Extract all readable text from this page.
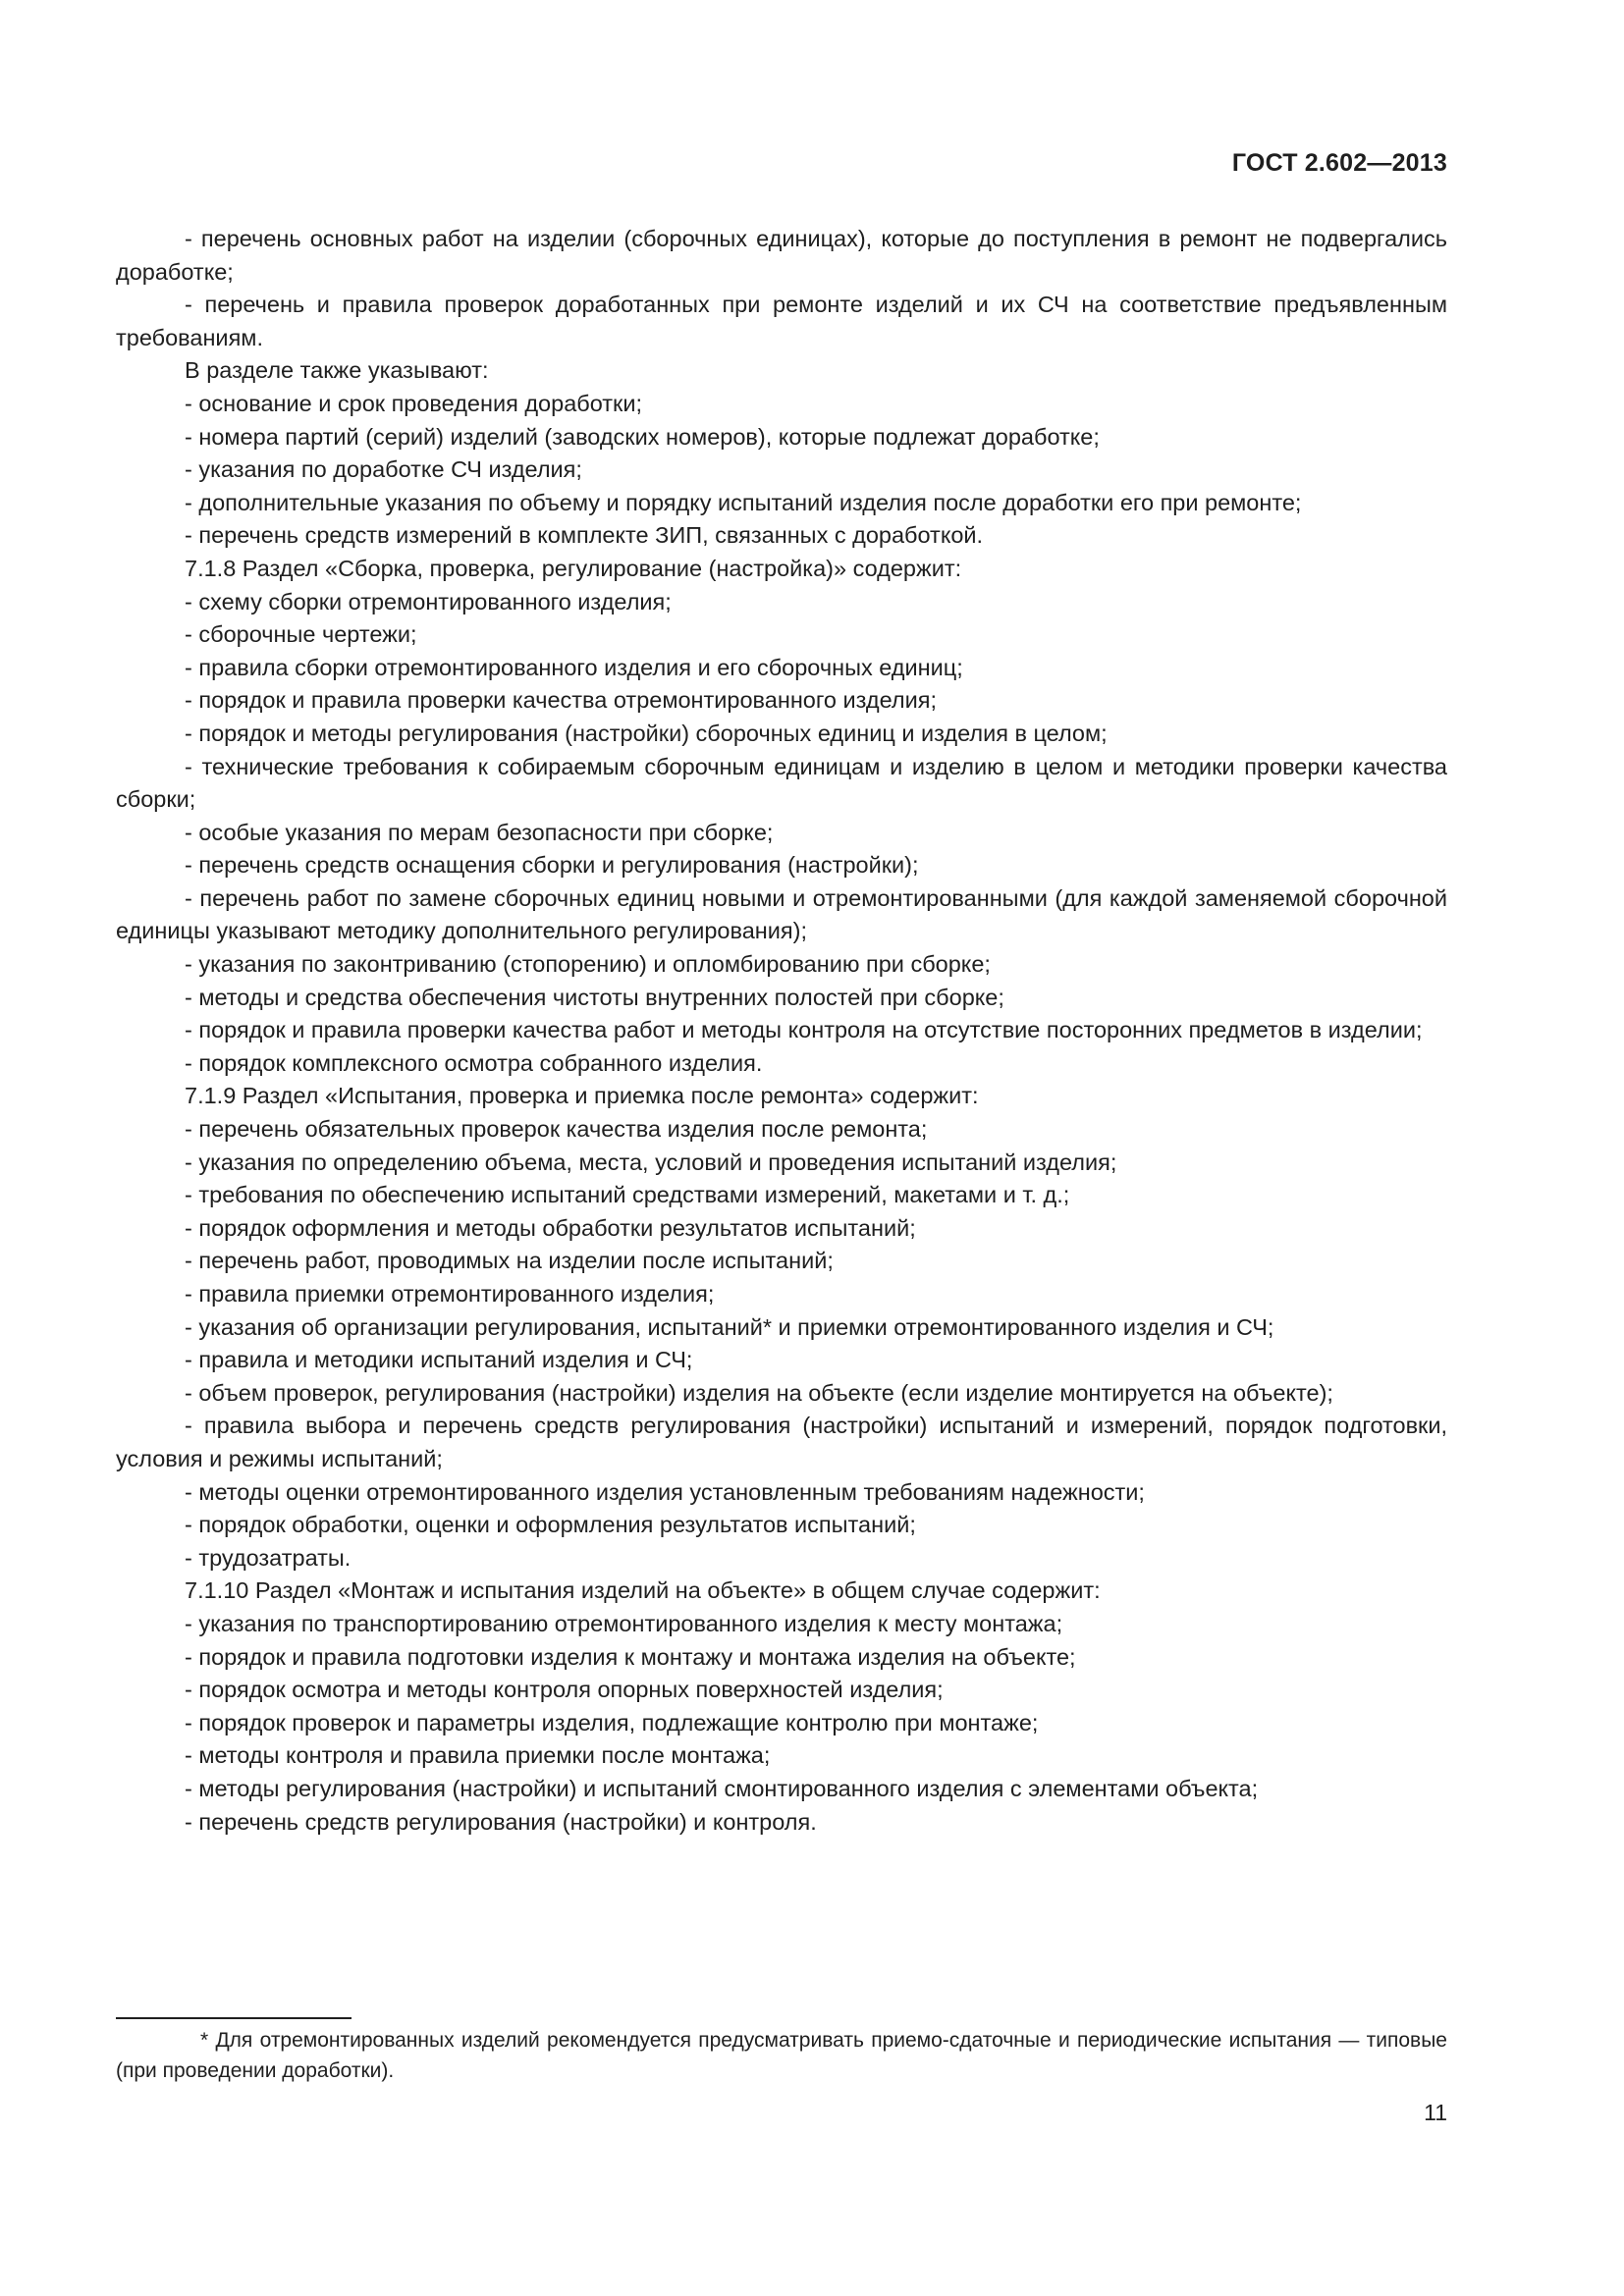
ГОСТ 2.602—2013

- перечень основных работ на изделии (сборочных единицах), которые до поступления в ремонт не подвергались доработке;

- перечень и правила проверок доработанных при ремонте изделий и их СЧ на соответствие предъявленным требованиям.

В разделе также указывают:

- основание и срок проведения доработки;

- номера партий (серий) изделий (заводских номеров), которые подлежат доработке;

- указания по доработке СЧ изделия;

- дополнительные указания по объему и порядку испытаний изделия после доработки его при ремонте;

- перечень средств измерений в комплекте ЗИП, связанных с доработкой.

7.1.8 Раздел «Сборка, проверка, регулирование (настройка)» содержит:

- схему сборки отремонтированного изделия;

- сборочные чертежи;

- правила сборки отремонтированного изделия и его сборочных единиц;

- порядок и правила проверки качества отремонтированного изделия;

- порядок и методы регулирования (настройки) сборочных единиц и изделия в целом;

- технические требования к собираемым сборочным единицам и изделию в целом и методики проверки качества сборки;

- особые указания по мерам безопасности при сборке;

- перечень средств оснащения сборки и регулирования (настройки);

- перечень работ по замене сборочных единиц новыми и отремонтированными (для каждой заменяемой сборочной единицы указывают методику дополнительного регулирования);

- указания по законтриванию (стопорению) и опломбированию при сборке;

- методы и средства обеспечения чистоты внутренних полостей при сборке;

- порядок и правила проверки качества работ и методы контроля на отсутствие посторонних предметов в изделии;

- порядок комплексного осмотра собранного изделия.

7.1.9 Раздел «Испытания, проверка и приемка после ремонта» содержит:

- перечень обязательных проверок качества изделия после ремонта;

- указания по определению объема, места, условий и проведения испытаний изделия;

- требования по обеспечению испытаний средствами измерений, макетами и т. д.;

- порядок оформления и методы обработки результатов испытаний;

- перечень работ, проводимых на изделии после испытаний;

- правила приемки отремонтированного изделия;

- указания об организации регулирования, испытаний* и приемки отремонтированного изделия и СЧ;

- правила и методики испытаний изделия и СЧ;

- объем проверок, регулирования (настройки) изделия на объекте (если изделие монтируется на объекте);

- правила выбора и перечень средств регулирования (настройки) испытаний и измерений, порядок подготовки, условия и режимы испытаний;

- методы оценки отремонтированного изделия установленным требованиям надежности;

- порядок обработки, оценки и оформления результатов испытаний;

- трудозатраты.

7.1.10 Раздел «Монтаж и испытания изделий на объекте» в общем случае содержит:

- указания по транспортированию отремонтированного изделия к месту монтажа;

- порядок и правила подготовки изделия к монтажу и монтажа изделия на объекте;

- порядок осмотра и методы контроля опорных поверхностей изделия;

- порядок проверок и параметры изделия, подлежащие контролю при монтаже;

- методы контроля и правила приемки после монтажа;

- методы регулирования (настройки) и испытаний смонтированного изделия с элементами объекта;

- перечень средств регулирования (настройки) и контроля.

* Для отремонтированных изделий рекомендуется предусматривать приемо-сдаточные и периодические испытания — типовые (при проведении доработки).

11
